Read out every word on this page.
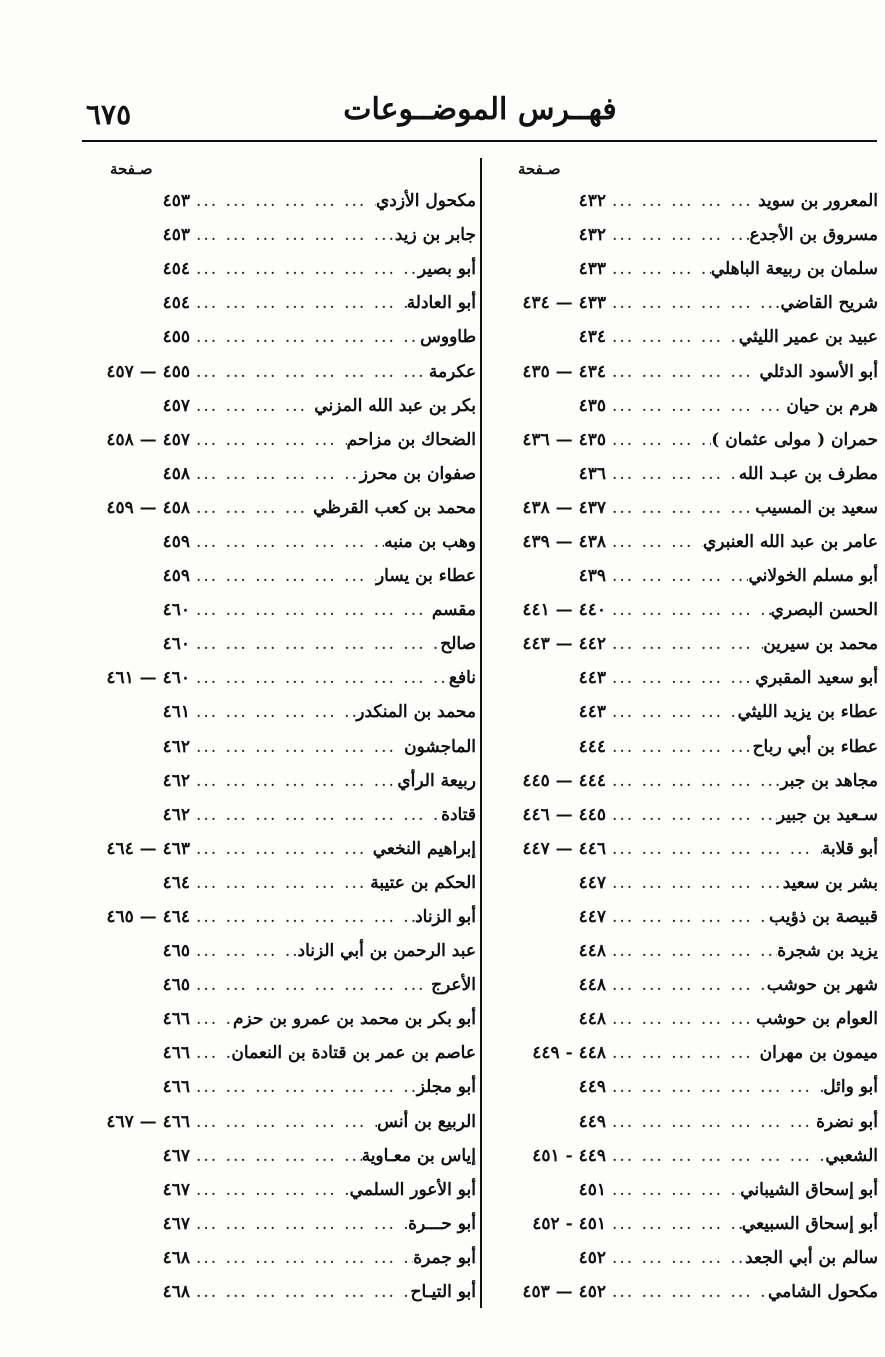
٦٧٥	فهــرس الموضــوعات
صـفحة
المعرور بن سويد
...
٤٣٢
مسروق بن الأجدع
...
٤٣٢
سلمان بن ربيعة الباهلي
...
٤٣٣
شريح القاضي
...
٤٣٣ — ٤٣٤
عبيد بن عمير الليثي
...
٤٣٤
أبو الأسود الدئلي
...
٤٣٤ — ٤٣٥
هرم بن حيان
...
٤٣٥
حمران ( مولى عثمان )
...
٤٣٥ — ٤٣٦
مطرف بن عبـد الله
...
٤٣٦
سعيد بن المسيب
...
٤٣٧ — ٤٣٨
عامر بن عبد الله العنبري
...
٤٣٨ — ٤٣٩
أبو مسلم الخولاني
...
٤٣٩
الحسن البصري
...
٤٤٠ — ٤٤١
محمد بن سيرين
...
٤٤٢ — ٤٤٣
أبو سعيد المقبري
...
٤٤٣
عطاء بن يزيد الليثي
...
٤٤٣
عطاء بن أبي رباح
...
٤٤٤
مجاهد بن جبر
...
٤٤٤ — ٤٤٥
سـعيد بن جبير
...
٤٤٥ — ٤٤٦
أبو قلابة
...
٤٤٦ — ٤٤٧
بشر بن سعيد
...
٤٤٧
قبيصة بن ذؤيب
...
٤٤٧
يزيد بن شجرة
...
٤٤٨
شهر بن حوشب
...
٤٤٨
العوام بن حوشب
...
٤٤٨
ميمون بن مهران
...
٤٤٨ - ٤٤٩
أبو وائل
...
٤٤٩
أبو نضرة
...
٤٤٩
الشعبي
...
٤٤٩ - ٤٥١
أبو إسحاق الشيباني
...
٤٥١
أبو إسحاق السبيعي
...
٤٥١ - ٤٥٢
سالم بن أبي الجعد
...
٤٥٢
مكحول الشامي
...
٤٥٢ — ٤٥٣
صـفحة
مكحول الأزدي
...
٤٥٣
جابر بن زيد
...
٤٥٣
أبو بصير
...
٤٥٤
أبو العادلة
...
٤٥٤
طاووس
...
٤٥٥
عكرمة
...
٤٥٥ — ٤٥٧
بكر بن عبد الله المزني
...
٤٥٧
الضحاك بن مزاحم
...
٤٥٧ — ٤٥٨
صفوان بن محرز
...
٤٥٨
محمد بن كعب القرظي
...
٤٥٨ — ٤٥٩
وهب بن منبه
...
٤٥٩
عطاء بن يسار
...
٤٥٩
مقسم
...
٤٦٠
صالح
...
٤٦٠
نافع
...
٤٦٠ — ٤٦١
محمد بن المنكدر
...
٤٦١
الماجشون
...
٤٦٢
ربيعة الرأي
...
٤٦٢
قتادة
...
٤٦٢
إبراهيم النخعي
...
٤٦٣ — ٤٦٤
الحكم بن عتيبة
...
٤٦٤
أبو الزناد
...
٤٦٤ — ٤٦٥
عبد الرحمن بن أبي الزناد
...
٤٦٥
الأعرج
...
٤٦٥
أبو بكر بن محمد بن عمرو بن حزم
...
٤٦٦
عاصم بن عمر بن قتادة بن النعمان
...
٤٦٦
أبو مجلز
...
٤٦٦
الربيع بن أنس
...
٤٦٦ — ٤٦٧
إياس بن معـاوية
...
٤٦٧
أبو الأعور السلمي
...
٤٦٧
أبو حـــرة
...
٤٦٧
أبو جمرة
...
٤٦٨
أبو التيـاح
...
٤٦٨
